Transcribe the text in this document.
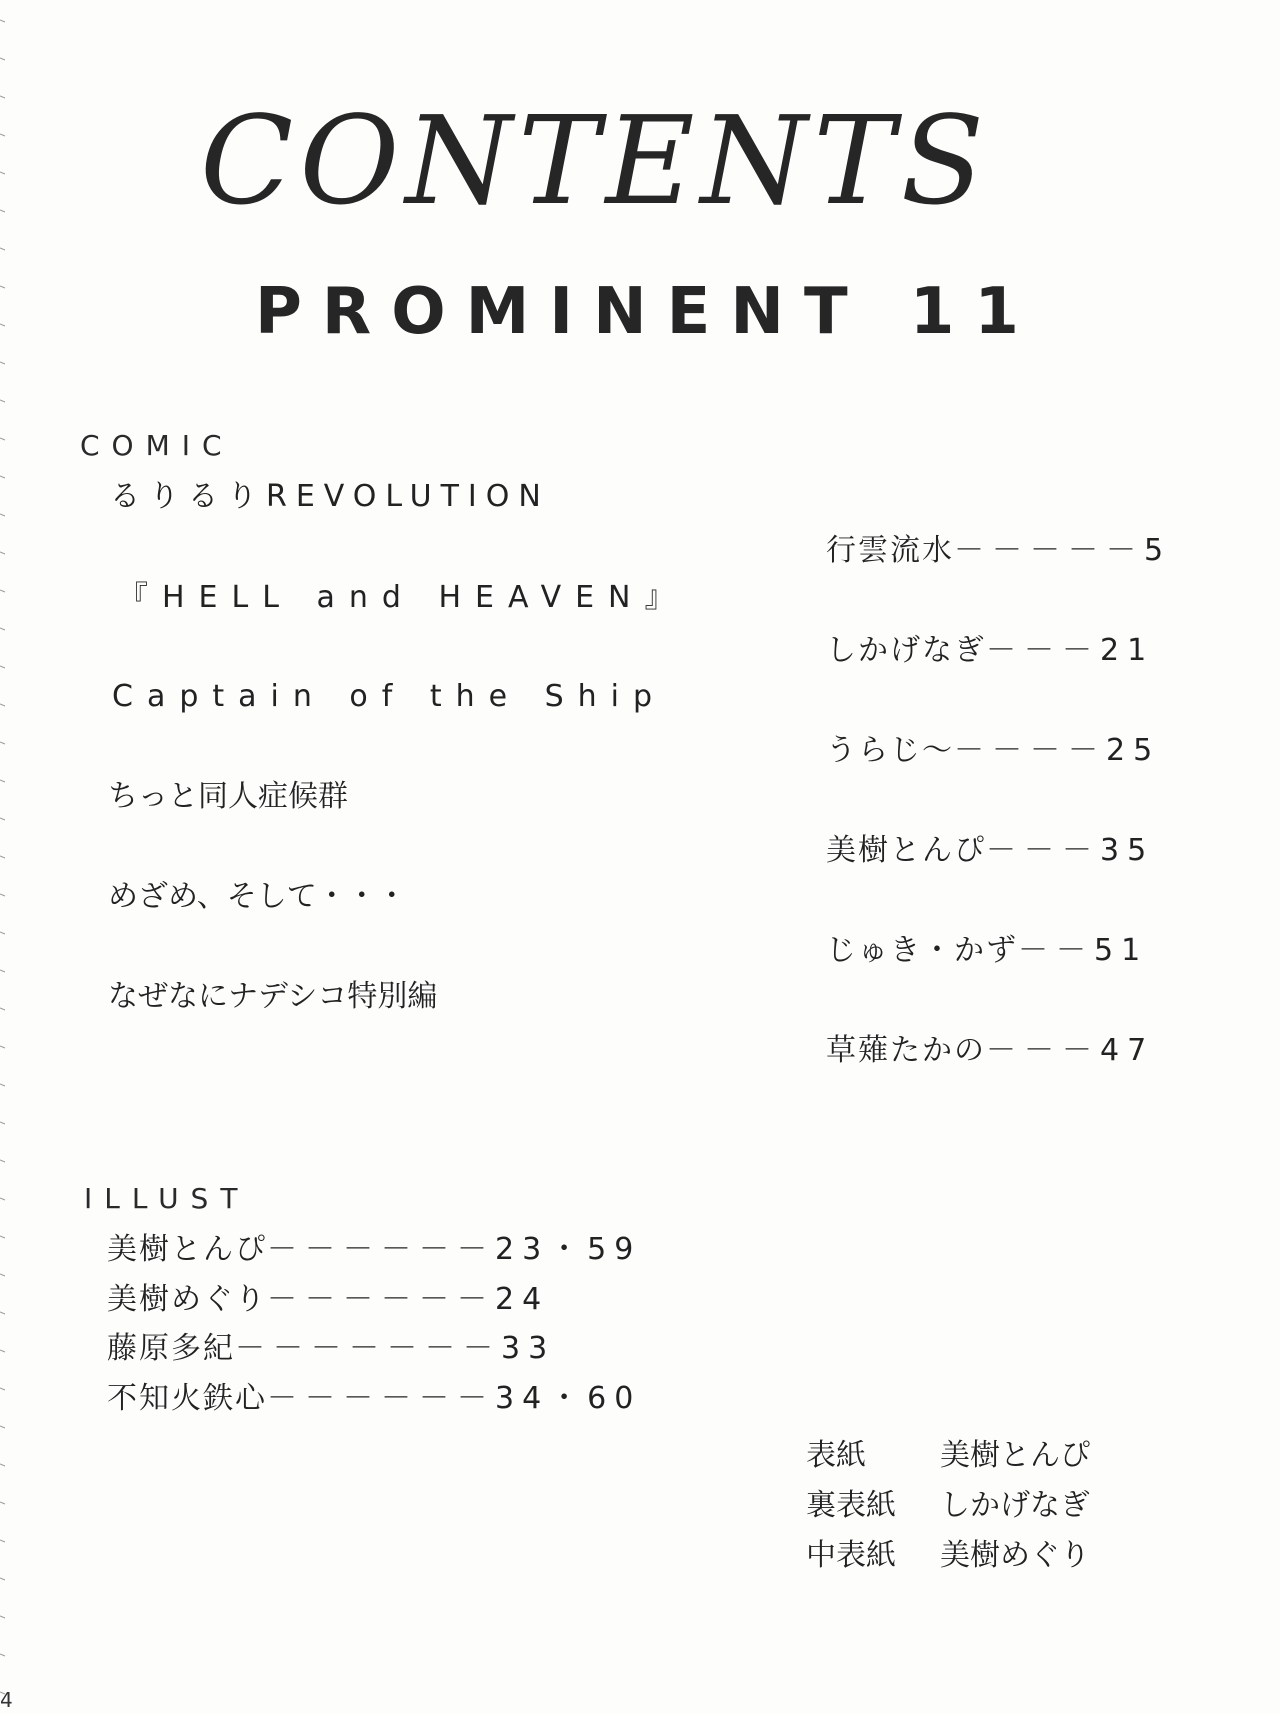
CONTENTS
PROMINENT 11
COMIC
るりるりREVOLUTION
行雲流水－－－－－5
『HELL and HEAVEN』
しかげなぎ－－－21
Captain of the Ship
うらじ～－－－－25
ちっと同人症候群
美樹とんぴ－－－35
めざめ、そして・・・
じゅき・かず－－51
なぜなにナデシコ特別編
草薙たかの－－－47
ILLUST
美樹とんぴ－－－－－－23・59
美樹めぐり－－－－－－24
藤原多紀－－－－－－－33
不知火鉄心－－－－－－34・60
表紙 美樹とんぴ
裏表紙 しかげなぎ
中表紙 美樹めぐり
4
